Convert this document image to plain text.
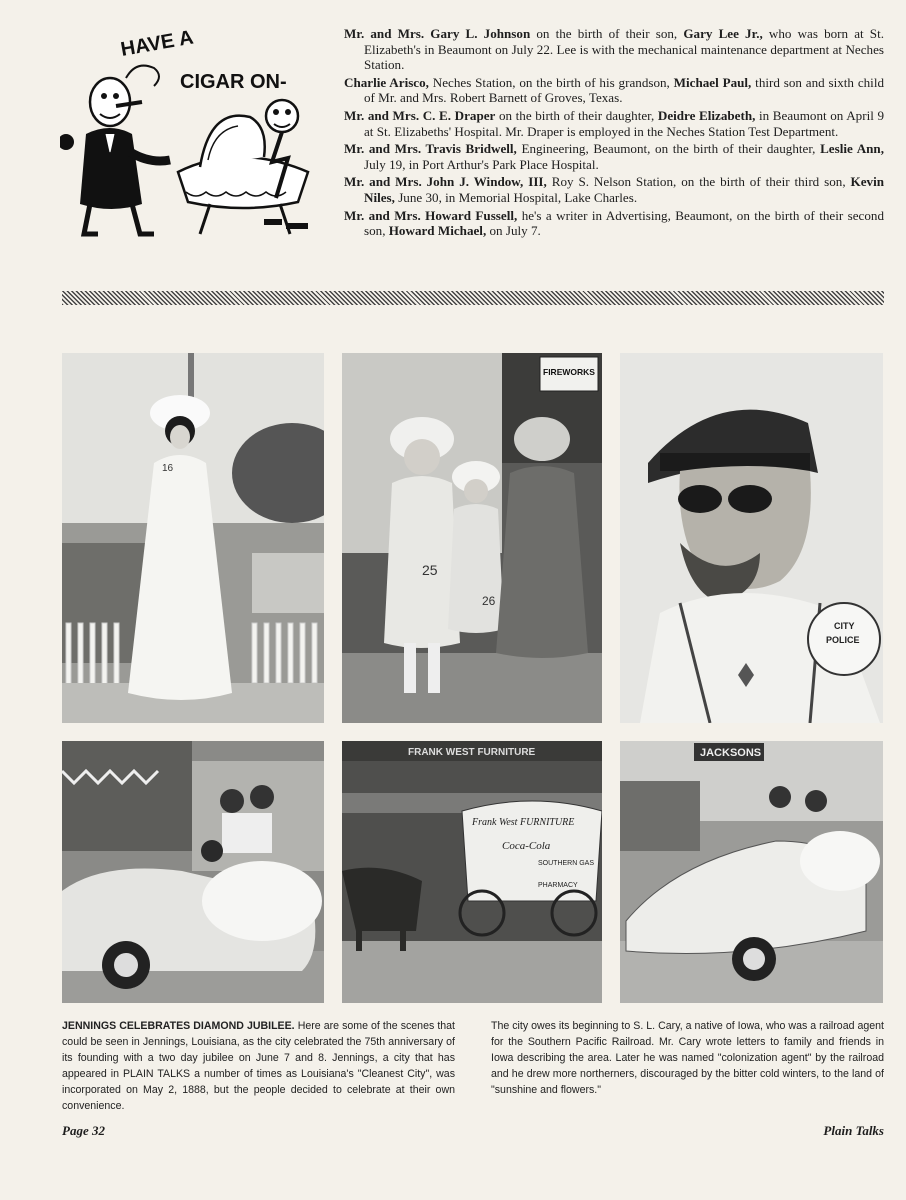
HAVE A
CIGAR ON-

Mr. and Mrs. Gary L. Johnson on the birth of their son, Gary Lee Jr., who was born at St. Elizabeth's in Beaumont on July 22. Lee is with the mechanical maintenance department at Neches Station.

Charlie Arisco, Neches Station, on the birth of his grandson, Michael Paul, third son and sixth child of Mr. and Mrs. Robert Barnett of Groves, Texas.

Mr. and Mrs. C. E. Draper on the birth of their daughter, Deidre Elizabeth, in Beaumont on April 9 at St. Elizabeths' Hospital. Mr. Draper is employed in the Neches Station Test Department.

Mr. and Mrs. Travis Bridwell, Engineering, Beaumont, on the birth of their daughter, Leslie Ann, July 19, in Port Arthur's Park Place Hospital.

Mr. and Mrs. John J. Window, III, Roy S. Nelson Station, on the birth of their third son, Kevin Niles, June 30, in Memorial Hospital, Lake Charles.

Mr. and Mrs. Howard Fussell, he's a writer in Advertising, Beaumont, on the birth of their second son, Howard Michael, on July 7.

16
FIREWORKS
25
26
CITY
POLICE
FRANK WEST FURNITURE
Frank West FURNITURE
Coca-Cola
SOUTHERN GAS
PHARMACY
JACKSONS
JENNINGS CELEBRATES DIAMOND JUBILEE. Here are some of the scenes that could be seen in Jennings, Louisiana, as the city celebrated the 75th anniversary of its founding with a two day jubilee on June 7 and 8. Jennings, a city that has appeared in PLAIN TALKS a number of times as Louisiana's "Cleanest City", was incorporated on May 2, 1888, but the people decided to celebrate at their own convenience.
The city owes its beginning to S. L. Cary, a native of Iowa, who was a railroad agent for the Southern Pacific Railroad. Mr. Cary wrote letters to family and friends in Iowa describing the area. Later he was named "colonization agent" by the railroad and he drew more northerners, discouraged by the bitter cold winters, to the land of "sunshine and flowers."
Page 32	Plain Talks
